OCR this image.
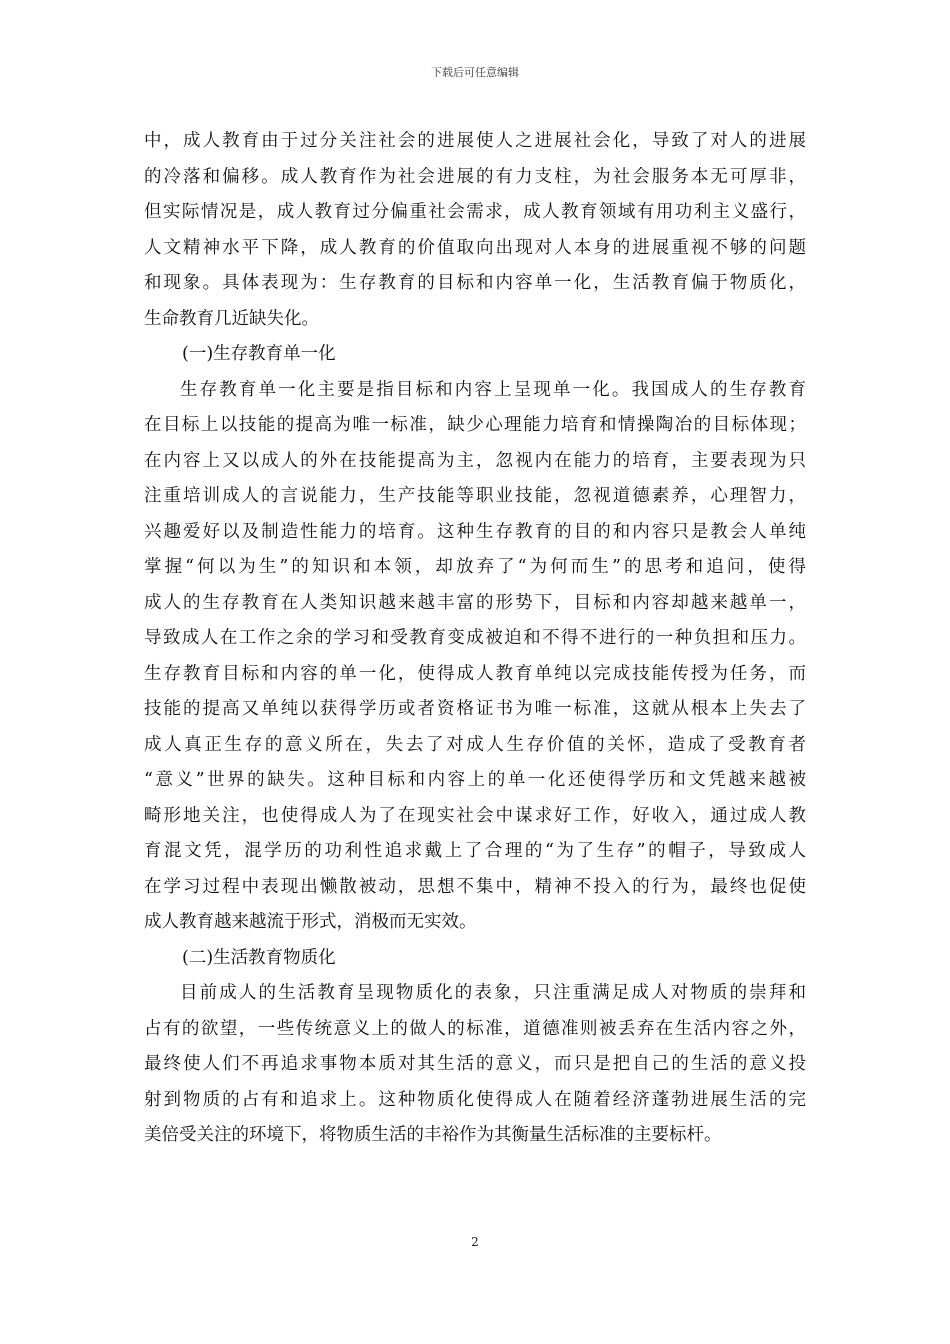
下载后可任意编辑
中，成人教育由于过分关注社会的进展使人之进展社会化，导致了对人的进展
的冷落和偏移。成人教育作为社会进展的有力支柱，为社会服务本无可厚非，
但实际情况是，成人教育过分偏重社会需求，成人教育领域有用功利主义盛行，
人文精神水平下降，成人教育的价值取向出现对人本身的进展重视不够的问题
和现象。具体表现为：生存教育的目标和内容单一化，生活教育偏于物质化，
生命教育几近缺失化。
(一)生存教育单一化
生存教育单一化主要是指目标和内容上呈现单一化。我国成人的生存教育
在目标上以技能的提高为唯一标准，缺少心理能力培育和情操陶冶的目标体现；
在内容上又以成人的外在技能提高为主，忽视内在能力的培育，主要表现为只
注重培训成人的言说能力，生产技能等职业技能，忽视道德素养，心理智力，
兴趣爱好以及制造性能力的培育。这种生存教育的目的和内容只是教会人单纯
掌握“何以为生”的知识和本领，却放弃了“为何而生”的思考和追问，使得
成人的生存教育在人类知识越来越丰富的形势下，目标和内容却越来越单一，
导致成人在工作之余的学习和受教育变成被迫和不得不进行的一种负担和压力。
生存教育目标和内容的单一化，使得成人教育单纯以完成技能传授为任务，而
技能的提高又单纯以获得学历或者资格证书为唯一标准，这就从根本上失去了
成人真正生存的意义所在，失去了对成人生存价值的关怀，造成了受教育者
“意义”世界的缺失。这种目标和内容上的单一化还使得学历和文凭越来越被
畸形地关注，也使得成人为了在现实社会中谋求好工作，好收入，通过成人教
育混文凭，混学历的功利性追求戴上了合理的“为了生存”的帽子，导致成人
在学习过程中表现出懒散被动，思想不集中，精神不投入的行为，最终也促使
成人教育越来越流于形式，消极而无实效。
(二)生活教育物质化
目前成人的生活教育呈现物质化的表象，只注重满足成人对物质的崇拜和
占有的欲望，一些传统意义上的做人的标准，道德准则被丢弃在生活内容之外，
最终使人们不再追求事物本质对其生活的意义，而只是把自己的生活的意义投
射到物质的占有和追求上。这种物质化使得成人在随着经济蓬勃进展生活的完
美倍受关注的环境下，将物质生活的丰裕作为其衡量生活标准的主要标杆。
2
